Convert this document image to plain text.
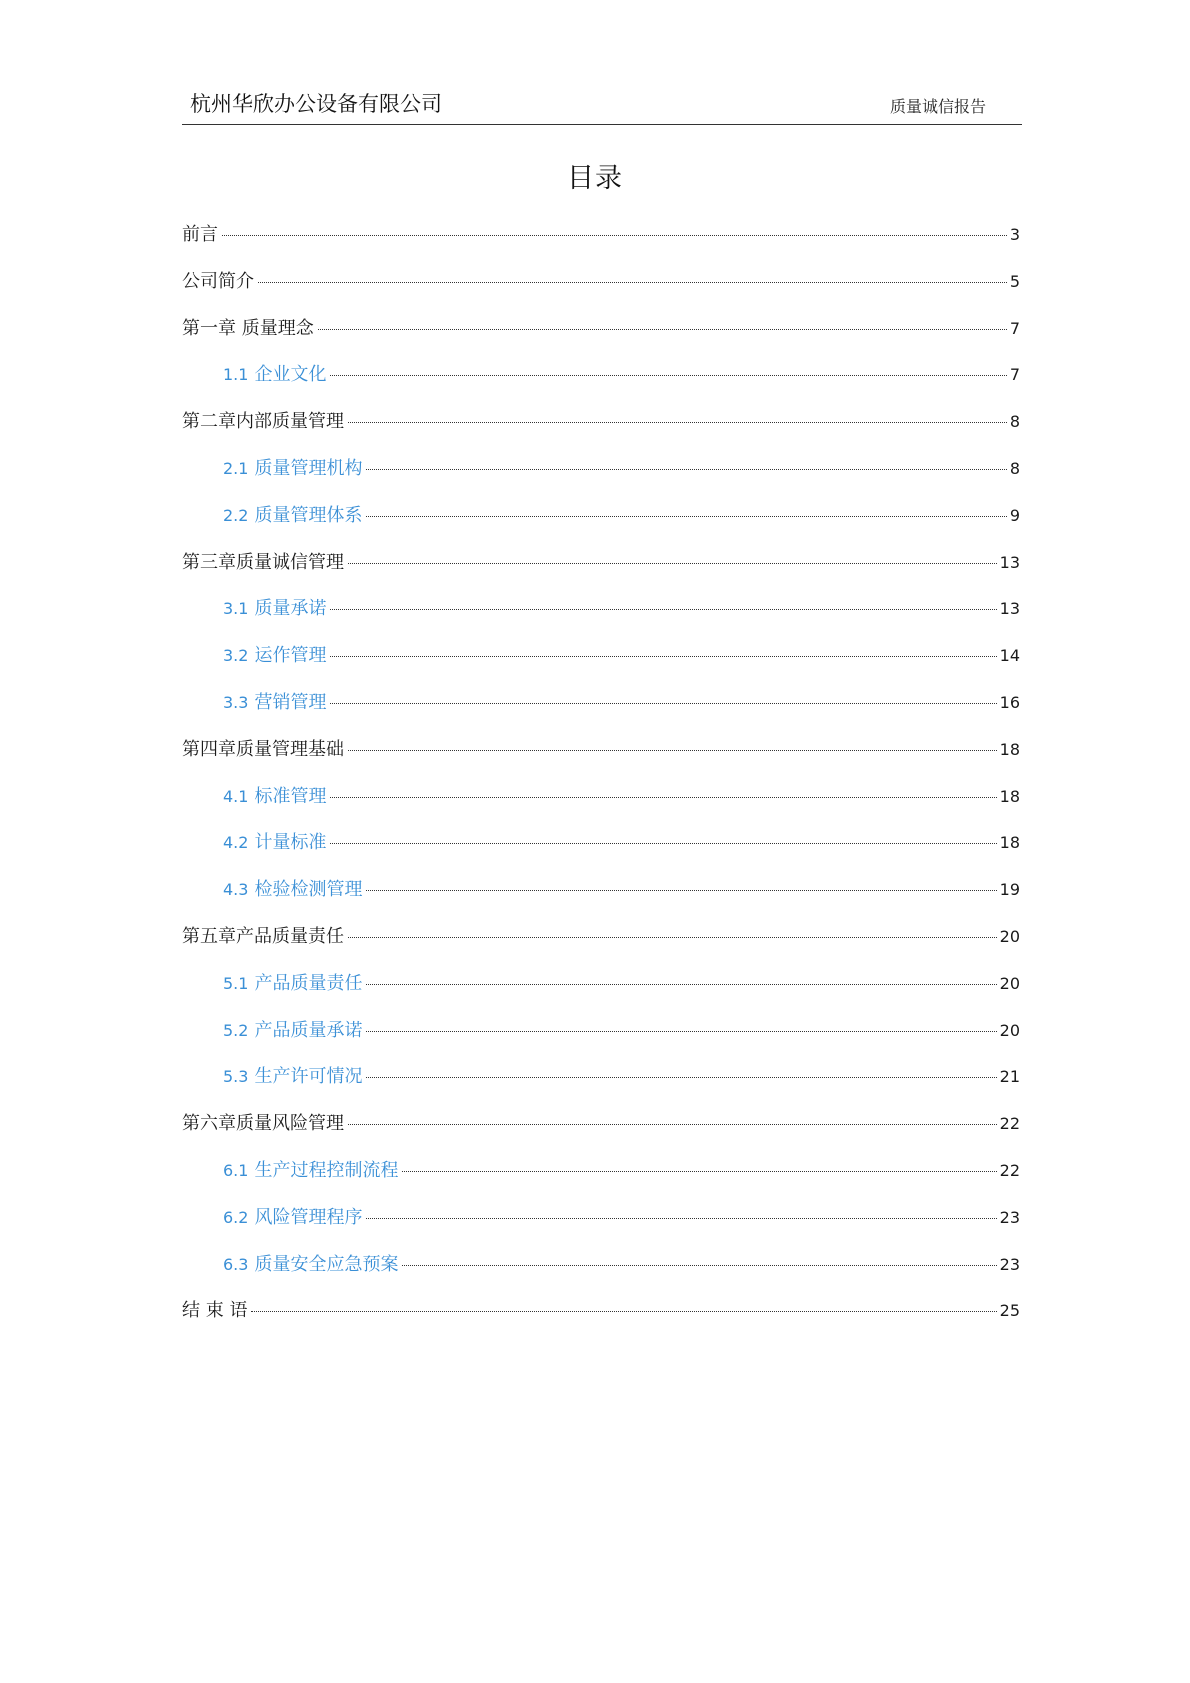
杭州华欣办公设备有限公司	质量诚信报告
目录
前言	3
公司简介	5
第一章 质量理念	7
1.1 企业文化	7
第二章内部质量管理	8
2.1 质量管理机构	8
2.2 质量管理体系	9
第三章质量诚信管理	13
3.1 质量承诺	13
3.2 运作管理	14
3.3 营销管理	16
第四章质量管理基础	18
4.1 标准管理	18
4.2 计量标准	18
4.3 检验检测管理	19
第五章产品质量责任	20
5.1 产品质量责任	20
5.2 产品质量承诺	20
5.3 生产许可情况	21
第六章质量风险管理	22
6.1 生产过程控制流程	22
6.2 风险管理程序	23
6.3 质量安全应急预案	23
结 束 语	25
